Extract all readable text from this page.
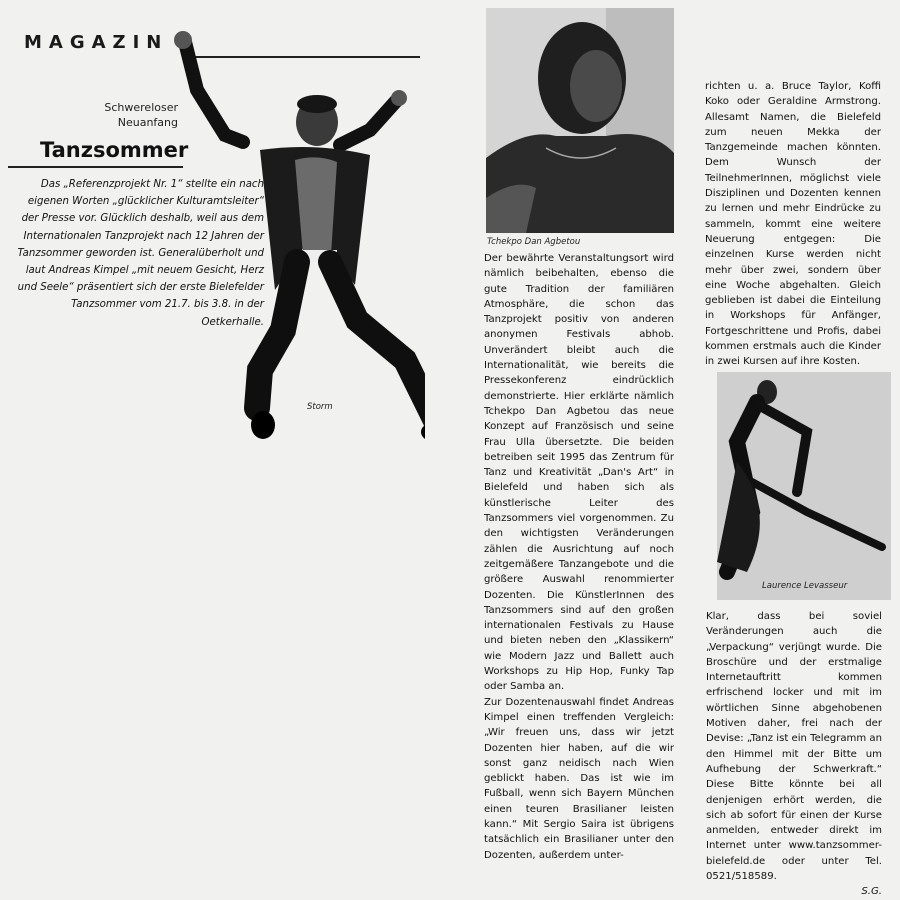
MAGAZIN
Schwereloser Neuanfang
Tanzsommer
Das „Referenzprojekt Nr. 1“ stellte ein nach eigenen Worten „glücklicher Kulturamtsleiter“ der Presse vor. Glücklich deshalb, weil aus dem Internationalen Tanzprojekt nach 12 Jahren der Tanzsommer geworden ist. Generalüberholt und laut Andreas Kimpel „mit neuem Gesicht, Herz und Seele“ präsentiert sich der erste Bielefelder Tanzsommer vom 21.7. bis 3.8. in der Oetkerhalle.
Storm
Tchekpo Dan Agbetou
Laurence Levasseur

Der bewährte Veranstaltungsort wird nämlich beibehalten, ebenso die gute Tradition der familiären Atmosphäre, die schon das Tanzprojekt positiv von anderen anonymen Festivals abhob. Unverändert bleibt auch die Internationalität, wie bereits die Pressekonferenz eindrücklich demonstrierte. Hier erklärte nämlich Tchekpo Dan Agbetou das neue Konzept auf Französisch und seine Frau Ulla übersetzte. Die beiden betreiben seit 1995 das Zentrum für Tanz und Kreativität „Dan's Art“ in Bielefeld und haben sich als künstlerische Leiter des Tanzsommers viel vorgenommen. Zu den wichtigsten Veränderungen zählen die Ausrichtung auf noch zeitgemäßere Tanzangebote und die größere Auswahl renommierter Dozenten. Die KünstlerInnen des Tanzsommers sind auf den großen internationalen Festivals zu Hause und bieten neben den „Klassikern“ wie Modern Jazz und Ballett auch Workshops zu Hip Hop, Funky Tap oder Samba an.

Zur Dozentenauswahl findet Andreas Kimpel einen treffenden Vergleich: „Wir freuen uns, dass wir jetzt Dozenten hier haben, auf die wir sonst ganz neidisch nach Wien geblickt haben. Das ist wie im Fußball, wenn sich Bayern München einen teuren Brasilianer leisten kann.“ Mit Sergio Saira ist übrigens tatsächlich ein Brasilianer unter den Dozenten, außerdem unter-

richten u. a. Bruce Taylor, Koffi Koko oder Geraldine Armstrong. Allesamt Namen, die Bielefeld zum neuen Mekka der Tanzgemeinde machen könnten. Dem Wunsch der TeilnehmerInnen, möglichst viele Disziplinen und Dozenten kennen zu lernen und mehr Eindrücke zu sammeln, kommt eine weitere Neuerung entgegen: Die einzelnen Kurse werden nicht mehr über zwei, sondern über eine Woche abgehalten. Gleich geblieben ist dabei die Einteilung in Workshops für Anfänger, Fortgeschrittene und Profis, dabei kommen erstmals auch die Kinder in zwei Kursen auf ihre Kosten.

Klar, dass bei soviel Veränderungen auch die „Verpackung“ verjüngt wurde. Die Broschüre und der erstmalige Internetauftritt kommen erfrischend locker und mit im wörtlichen Sinne abgehobenen Motiven daher, frei nach der Devise: „Tanz ist ein Telegramm an den Himmel mit der Bitte um Aufhebung der Schwerkraft.“ Diese Bitte könnte bei all denjenigen erhört werden, die sich ab sofort für einen der Kurse anmelden, entweder direkt im Internet unter www.tanzsommer-bielefeld.de oder unter Tel. 0521/518589.

S.G.
